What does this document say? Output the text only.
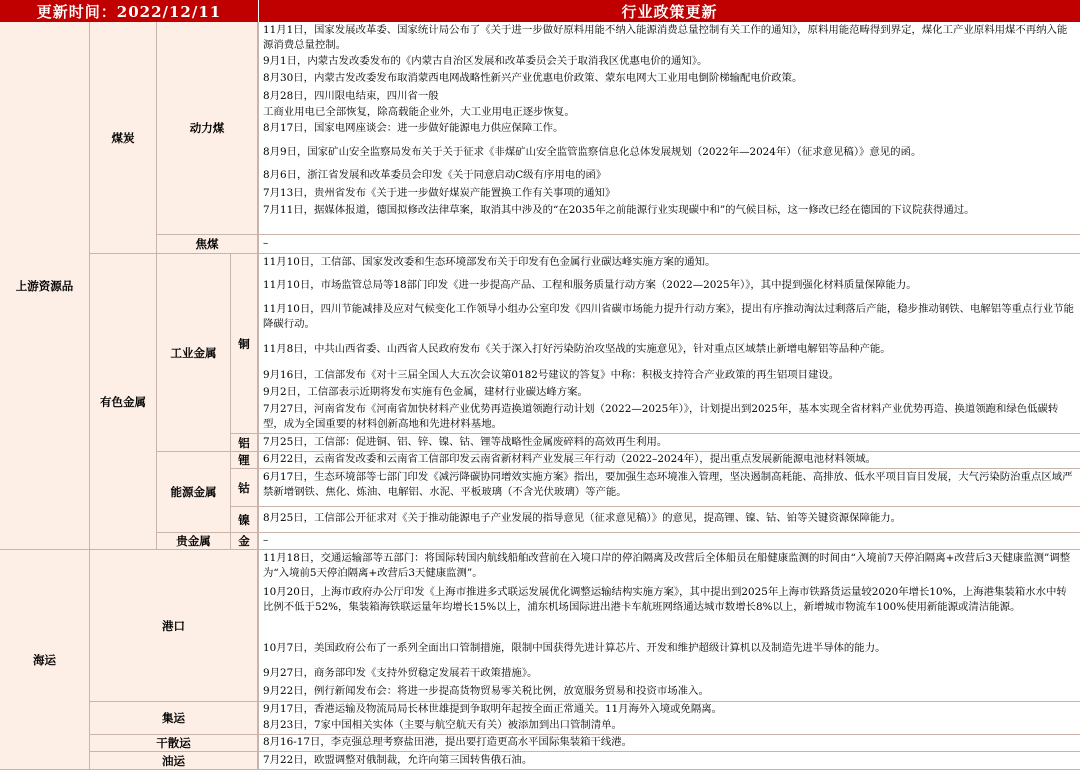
更新时间：2022/12/11	行业政策更新
上游资源品
海运
煤炭
有色金属
港口
集运
干散运
油运
动力煤
焦煤
工业金属
能源金属
贵金属
铜
铝
锂
钴
镍
金
11月1日，国家发展改革委、国家统计局公布了《关于进一步做好原料用能不纳入能源消费总量控制有关工作的通知》，原料用能范畴得到界定，煤化工产业原料用煤不再纳入能源消费总量控制。
9月1日，内蒙古发改委发布的《内蒙古自治区发展和改革委员会关于取消我区优惠电价的通知》。
8月30日，内蒙古发改委发布取消蒙西电网战略性新兴产业优惠电价政策、蒙东电网大工业用电倒阶梯输配电价政策。
8月28日，四川限电结束，四川省一般
工商业用电已全部恢复，除高载能企业外，大工业用电正逐步恢复。
8月17日，国家电网座谈会：进一步做好能源电力供应保障工作。
8月9日，国家矿山安全监察局发布关于关于征求《非煤矿山安全监管监察信息化总体发展规划（2022年—2024年）（征求意见稿）》意见的函。
8月6日，浙江省发展和改革委员会印发《关于同意启动C级有序用电的函》
7月13日，贵州省发布《关于进一步做好煤炭产能置换工作有关事项的通知》
7月11日，据媒体报道，德国拟修改法律草案，取消其中涉及的“在2035年之前能源行业实现碳中和”的气候目标，这一修改已经在德国的下议院获得通过。
–
11月10日，工信部、国家发改委和生态环境部发布关于印发有色金属行业碳达峰实施方案的通知。
11月10日，市场监管总局等18部门印发《进一步提高产品、工程和服务质量行动方案（2022—2025年）》，其中提到强化材料质量保障能力。
11月10日，四川节能减排及应对气候变化工作领导小组办公室印发《四川省碳市场能力提升行动方案》，提出有序推动淘汰过剩落后产能，稳步推动钢铁、电解铝等重点行业节能降碳行动。
11月8日，中共山西省委、山西省人民政府发布《关于深入打好污染防治攻坚战的实施意见》，针对重点区域禁止新增电解铝等品种产能。
9月16日，工信部发布《对十三届全国人大五次会议第0182号建议的答复》中称：积极支持符合产业政策的再生铝项目建设。
9月2日，工信部表示近期将发布实施有色金属，建材行业碳达峰方案。
7月27日，河南省发布《河南省加快材料产业优势再造换道领跑行动计划（2022—2025年）》，计划提出到2025年，基本实现全省材料产业优势再造、换道领跑和绿色低碳转型，成为全国重要的材料创新高地和先进材料基地。
7月25日，工信部：促进铜、铝、锌、镍、钴、锂等战略性金属废碎料的高效再生利用。
6月22日，云南省发改委和云南省工信部印发云南省新材料产业发展三年行动（2022–2024年），提出重点发展新能源电池材料领域。
6月17日，生态环境部等七部门印发《减污降碳协同增效实施方案》指出，要加强生态环境准入管理，坚决遏制高耗能、高排放、低水平项目盲目发展，大气污染防治重点区域严禁新增钢铁、焦化、炼油、电解铝、水泥、平板玻璃（不含光伏玻璃）等产能。
8月25日，工信部公开征求对《关于推动能源电子产业发展的指导意见（征求意见稿）》的意见，提高锂、镍、钴、铂等关键资源保障能力。
–
11月18日，交通运输部等五部门：将国际转国内航线船舶改营前在入境口岸的停泊隔离及改营后全体船员在船健康监测的时间由“入境前7天停泊隔离+改营后3天健康监测”调整为“入境前5天停泊隔离+改营后3天健康监测”。
10月20日，上海市政府办公厅印发《上海市推进多式联运发展优化调整运输结构实施方案》，其中提出到2025年上海市铁路货运量较2020年增长10%，上海港集装箱水水中转比例不低于52%，集装箱海铁联运量年均增长15%以上，浦东机场国际进出港卡车航班网络通达城市数增长8%以上，新增城市物流车100%使用新能源或清洁能源。
10月7日，美国政府公布了一系列全面出口管制措施，限制中国获得先进计算芯片、开发和维护超级计算机以及制造先进半导体的能力。
9月27日，商务部印发《支持外贸稳定发展若干政策措施》。
9月22日，例行新闻发布会：将进一步提高货物贸易零关税比例，放宽服务贸易和投资市场准入。
9月17日，香港运输及物流局局长林世雄提到争取明年起按全面正常通关。11月海外入境或免隔离。
8月23日，7家中国相关实体（主要与航空航天有关）被添加到出口管制清单。
8月16-17日，李克强总理考察盐田港，提出要打造更高水平国际集装箱干线港。
7月22日，欧盟调整对俄制裁，允许向第三国转售俄石油。
